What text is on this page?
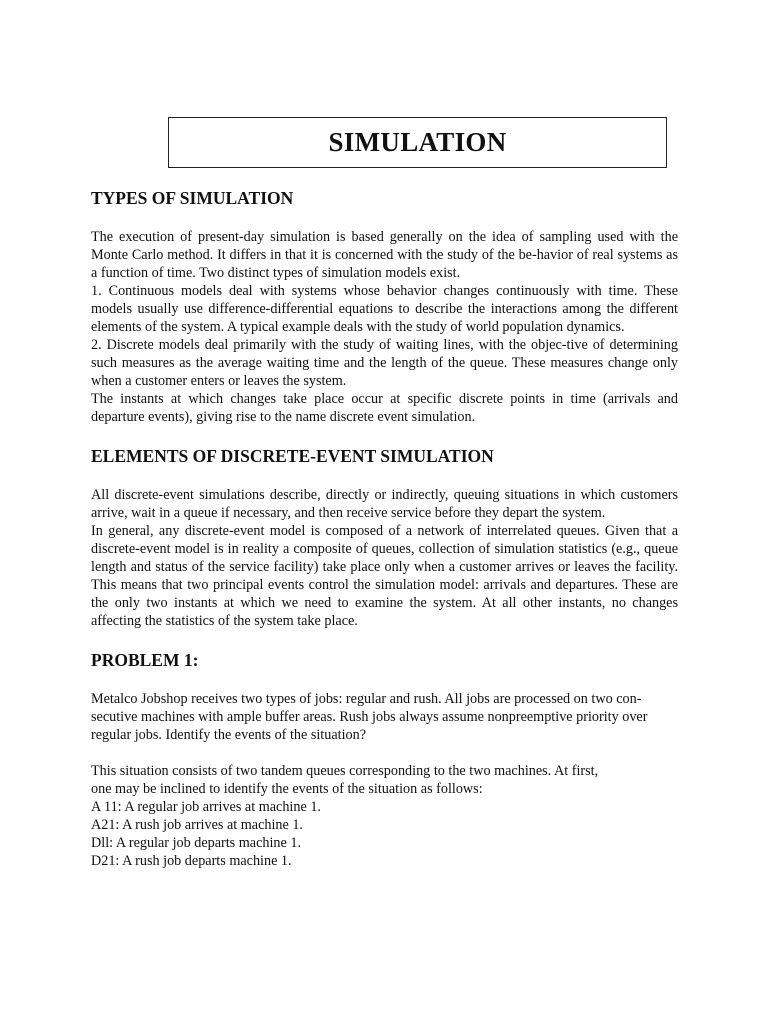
SIMULATION
TYPES OF SIMULATION

The execution of present-day simulation is based generally on the idea of sampling used with the Monte Carlo method. It differs in that it is concerned with the study of the be-havior of real systems as a function of time. Two distinct types of simulation models exist.

1. Continuous models deal with systems whose behavior changes continuously with time. These models usually use difference-differential equations to describe the interactions among the different elements of the system. A typical example deals with the study of world population dynamics.

2. Discrete models deal primarily with the study of waiting lines, with the objec-tive of determining such measures as the average waiting time and the length of the queue. These measures change only when a customer enters or leaves the system.

The instants at which changes take place occur at specific discrete points in time (arrivals and departure events), giving rise to the name discrete event simulation.

ELEMENTS OF DISCRETE-EVENT SIMULATION

All discrete-event simulations describe, directly or indirectly, queuing situations in which customers arrive, wait in a queue if necessary, and then receive service before they depart the system.

In general, any discrete-event model is composed of a network of interrelated queues. Given that a discrete-event model is in reality a composite of queues, collection of simulation statistics (e.g., queue length and status of the service facility) take place only when a customer arrives or leaves the facility. This means that two principal events control the simulation model: arrivals and departures. These are the only two instants at which we need to examine the system. At all other instants, no changes affecting the statistics of the system take place.

PROBLEM 1:

Metalco Jobshop receives two types of jobs: regular and rush. All jobs are processed on two con-secutive machines with ample buffer areas. Rush jobs always assume nonpreemptive priority over regular jobs. Identify the events of the situation?

This situation consists of two tandem queues corresponding to the two machines. At first,

one may be inclined to identify the events of the situation as follows:

A 11: A regular job arrives at machine 1.

A21: A rush job arrives at machine 1.

Dll: A regular job departs machine 1.

D21: A rush job departs machine 1.
